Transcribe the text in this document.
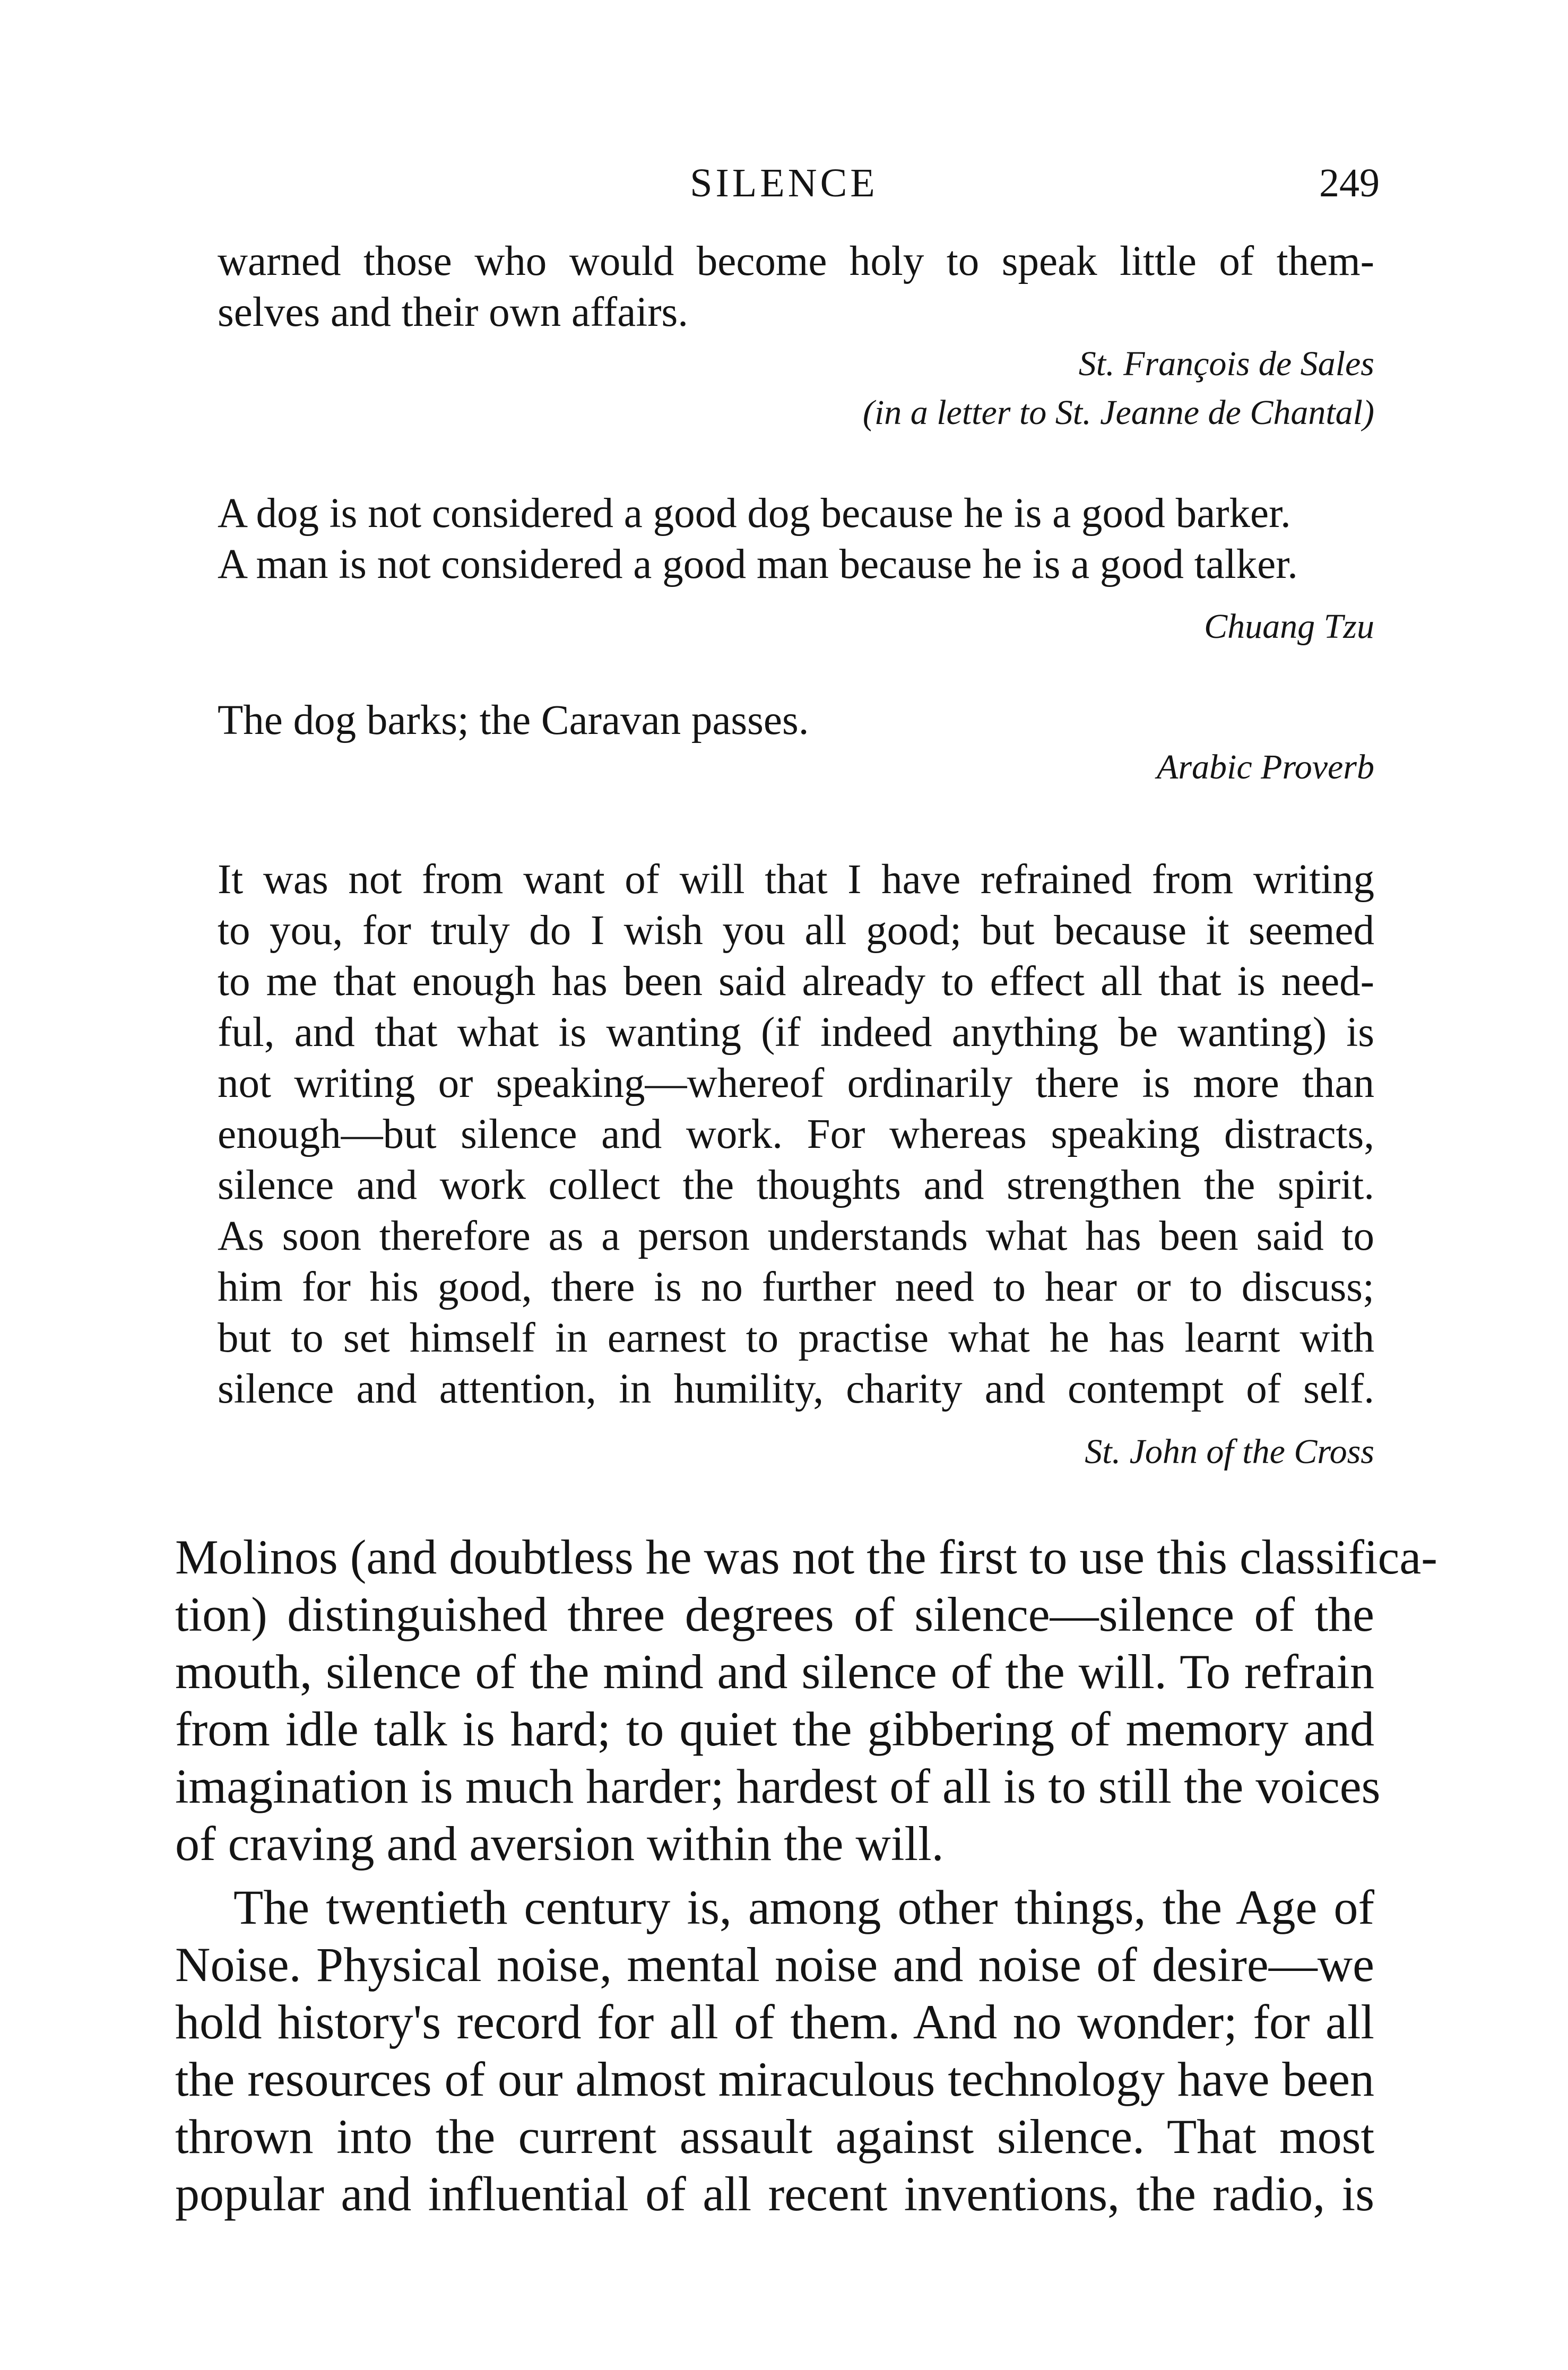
SILENCE	249
warned those who would become holy to speak little of them-
selves and their own affairs.
St. François de Sales
(in a letter to St. Jeanne de Chantal)
A dog is not considered a good dog because he is a good barker.
A man is not considered a good man because he is a good talker.
Chuang Tzu
The dog barks; the Caravan passes.
Arabic Proverb
It was not from want of will that I have refrained from writing
to you, for truly do I wish you all good; but because it seemed
to me that enough has been said already to effect all that is need-
ful, and that what is wanting (if indeed anything be wanting) is
not writing or speaking—whereof ordinarily there is more than
enough—but silence and work. For whereas speaking distracts,
silence and work collect the thoughts and strengthen the spirit.
As soon therefore as a person understands what has been said to
him for his good, there is no further need to hear or to discuss;
but to set himself in earnest to practise what he has learnt with
silence and attention, in humility, charity and contempt of self.
St. John of the Cross
Molinos (and doubtless he was not the first to use this classifica-
tion) distinguished three degrees of silence—silence of the
mouth, silence of the mind and silence of the will. To refrain
from idle talk is hard; to quiet the gibbering of memory and
imagination is much harder; hardest of all is to still the voices
of craving and aversion within the will.
The twentieth century is, among other things, the Age of
Noise. Physical noise, mental noise and noise of desire—we
hold history's record for all of them. And no wonder; for all
the resources of our almost miraculous technology have been
thrown into the current assault against silence. That most
popular and influential of all recent inventions, the radio, is
